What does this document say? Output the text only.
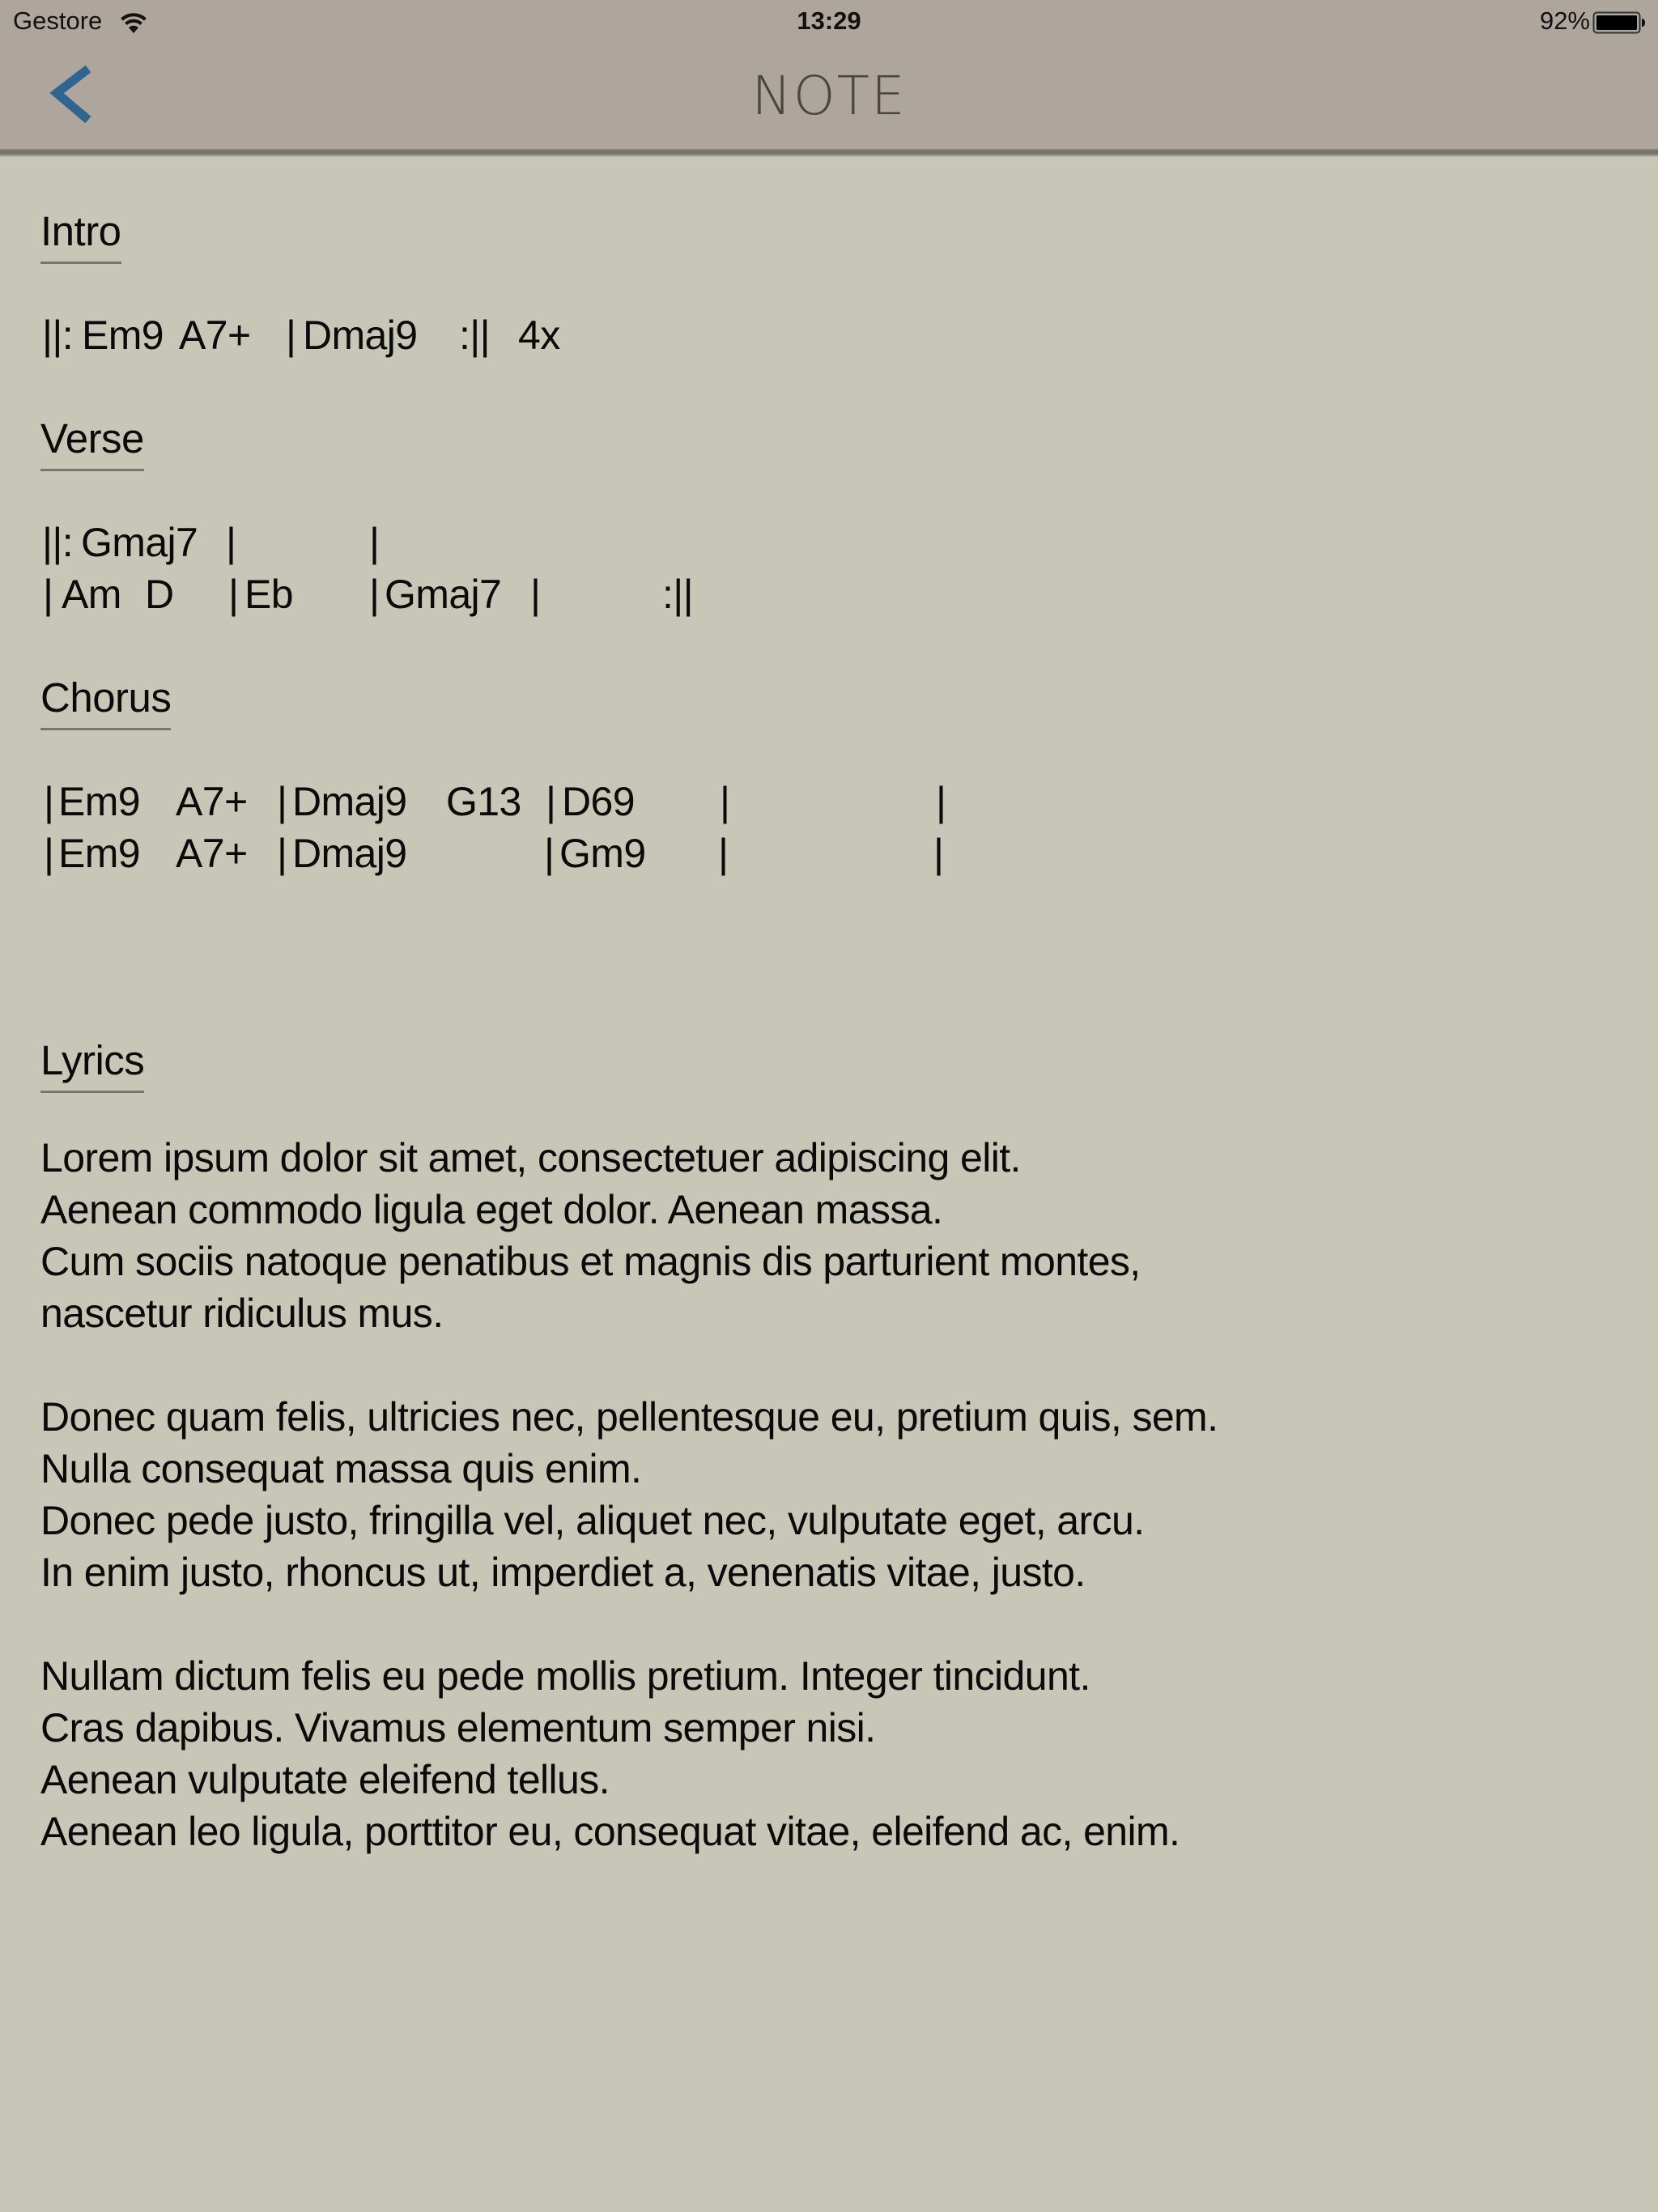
Gestore	13:29	92%
NOTE
Intro
||: Em9 A7+ | Dmaj9 :|| 4x
Verse
||: Gmaj7 |	|
| Am D | Eb | Gmaj7 |	:||
Chorus
| Em9 A7+ | Dmaj9 G13 | D69 |	|
| Em9 A7+ | Dmaj9	| Gm9 |	|
Lyrics
Lorem ipsum dolor sit amet, consectetuer adipiscing elit.
Aenean commodo ligula eget dolor. Aenean massa.
Cum sociis natoque penatibus et magnis dis parturient montes,
nascetur ridiculus mus.
Donec quam felis, ultricies nec, pellentesque eu, pretium quis, sem.
Nulla consequat massa quis enim.
Donec pede justo, fringilla vel, aliquet nec, vulputate eget, arcu.
In enim justo, rhoncus ut, imperdiet a, venenatis vitae, justo.
Nullam dictum felis eu pede mollis pretium. Integer tincidunt.
Cras dapibus. Vivamus elementum semper nisi.
Aenean vulputate eleifend tellus.
Aenean leo ligula, porttitor eu, consequat vitae, eleifend ac, enim.
